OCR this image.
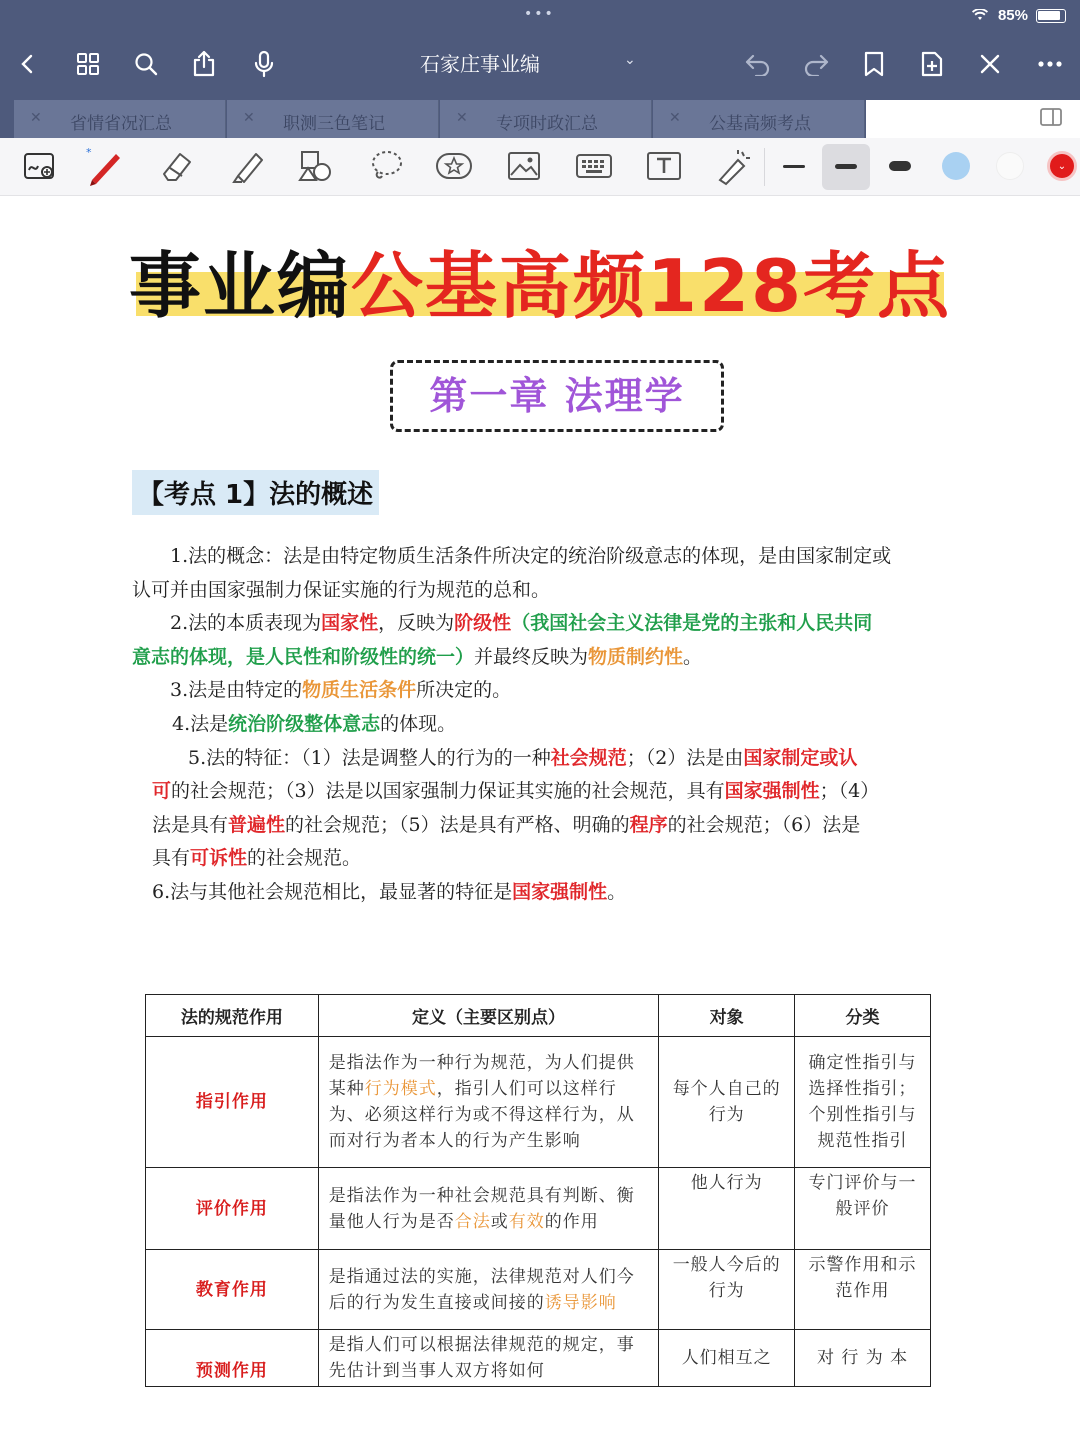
•••	85%
石家庄事业编	⌄
✕ 省情省况汇总	✕ 职测三色笔记	✕ 专项时政汇总	✕ 公基高频考点
*
⌄
事业编公基高频128考点
第一章 法理学
【考点 1】法的概述
1.法的概念：法是由特定物质生活条件所决定的统治阶级意志的体现，是由国家制定或
认可并由国家强制力保证实施的行为规范的总和。
2.法的本质表现为国家性，反映为阶级性（我国社会主义法律是党的主张和人民共同
意志的体现，是人民性和阶级性的统一）并最终反映为物质制约性。
3.法是由特定的物质生活条件所决定的。
4.法是统治阶级整体意志的体现。
5.法的特征：（1）法是调整人的行为的一种社会规范；（2）法是由国家制定或认
可的社会规范；（3）法是以国家强制力保证其实施的社会规范，具有国家强制性；（4）
法是具有普遍性的社会规范；（5）法是具有严格、明确的程序的社会规范；（6）法是
具有可诉性的社会规范。
6.法与其他社会规范相比，最显著的特征是国家强制性。
法的规范作用	定义（主要区别点）	对象	分类
指引作用	是指法作为一种行为规范，为人们提供某种行为模式，指引人们可以这样行为、必须这样行为或不得这样行为，从而对行为者本人的行为产生影响	每个人自己的行为	确定性指引与选择性指引；个别性指引与规范性指引
评价作用	是指法作为一种社会规范具有判断、衡量他人行为是否合法或有效的作用	他人行为	专门评价与一般评价
教育作用	是指通过法的实施，法律规范对人们今后的行为发生直接或间接的诱导影响	一般人今后的行为	示警作用和示范作用
预测作用	是指人们可以根据法律规范的规定，事先估计到当事人双方将如何	人们相互之	对 行 为 本
